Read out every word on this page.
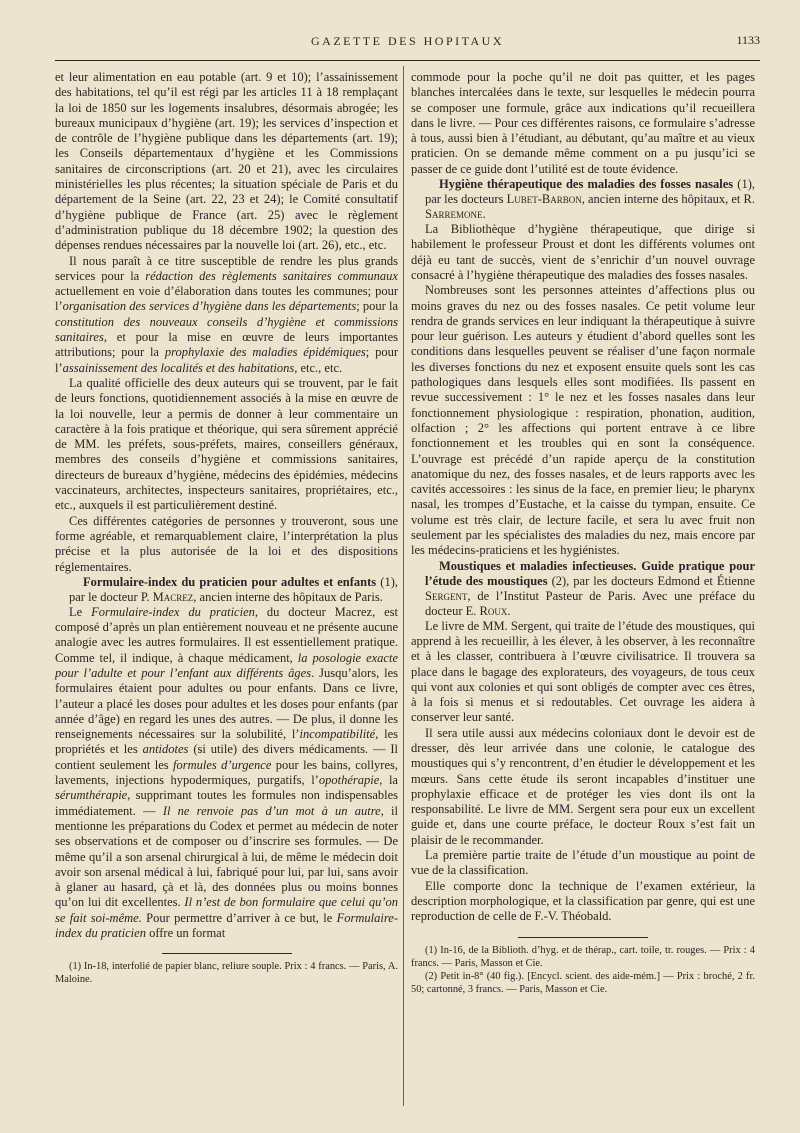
GAZETTE DES HOPITAUX	1133

et leur alimentation en eau potable (art. 9 et 10); l’assainissement des habitations, tel qu’il est régi par les articles 11 à 18 remplaçant la loi de 1850 sur les logements insalubres, désormais abrogée; les bureaux municipaux d’hygiène (art. 19); les services d’inspection et de contrôle de l’hygiène publique dans les départements (art. 19); les Conseils départementaux d’hygiène et les Commissions sanitaires de circonscriptions (art. 20 et 21), avec les circulaires ministérielles les plus récentes; la situation spéciale de Paris et du département de la Seine (art. 22, 23 et 24); le Comité consultatif d’hygiène publique de France (art. 25) avec le règlement d’administration publique du 18 décembre 1902; la question des dépenses rendues nécessaires par la nouvelle loi (art. 26), etc., etc.

Il nous paraît à ce titre susceptible de rendre les plus grands services pour la rédaction des règlements sanitaires communaux actuellement en voie d’élaboration dans toutes les communes; pour l’organisation des services d’hygiène dans les départements; pour la constitution des nouveaux conseils d’hygiène et commissions sanitaires, et pour la mise en œuvre de leurs importantes attributions; pour la prophylaxie des maladies épidémiques; pour l’assainissement des localités et des habitations, etc., etc.

La qualité officielle des deux auteurs qui se trouvent, par le fait de leurs fonctions, quotidiennement associés à la mise en œuvre de la loi nouvelle, leur a permis de donner à leur commentaire un caractère à la fois pratique et théorique, qui sera sûrement apprécié de MM. les préfets, sous-préfets, maires, conseillers généraux, membres des conseils d’hygiène et commissions sanitaires, directeurs de bureaux d’hygiène, médecins des épidémies, médecins vaccinateurs, architectes, inspecteurs sanitaires, propriétaires, etc., etc., auxquels il est particulièrement destiné.

Ces différentes catégories de personnes y trouveront, sous une forme agréable, et remarquablement claire, l’interprétation la plus précise et la plus autorisée de la loi et des dispositions réglementaires.

Formulaire-index du praticien pour adultes et enfants (1), par le docteur P. Macrez, ancien interne des hôpitaux de Paris.

Le Formulaire-index du praticien, du docteur Macrez, est composé d’après un plan entièrement nouveau et ne présente aucune analogie avec les autres formulaires. Il est essentiellement pratique. Comme tel, il indique, à chaque médicament, la posologie exacte pour l’adulte et pour l’enfant aux différents âges. Jusqu’alors, les formulaires étaient pour adultes ou pour enfants. Dans ce livre, l’auteur a placé les doses pour adultes et les doses pour enfants (par année d’âge) en regard les unes des autres. — De plus, il donne les renseignements nécessaires sur la solubilité, l’incompatibilité, les propriétés et les antidotes (si utile) des divers médicaments. — Il contient seulement les formules d’urgence pour les bains, collyres, lavements, injections hypodermiques, purgatifs, l’opothérapie, la sérumthérapie, supprimant toutes les formules non indispensables immédiatement. — Il ne renvoie pas d’un mot à un autre, il mentionne les préparations du Codex et permet au médecin de noter ses observations et de composer ou d’inscrire ses formules. — De même qu’il a son arsenal chirurgical à lui, de même le médecin doit avoir son arsenal médical à lui, fabriqué pour lui, par lui, sans avoir à glaner au hasard, çà et là, des données plus ou moins bonnes qu’on lui dit excellentes. Il n’est de bon formulaire que celui qu’on se fait soi-même. Pour permettre d’arriver à ce but, le Formulaire-index du praticien offre un format

(1) In-18, interfolié de papier blanc, reliure souple. Prix : 4 francs. — Paris, A. Maloine.

commode pour la poche qu’il ne doit pas quitter, et les pages blanches intercalées dans le texte, sur lesquelles le médecin pourra se composer une formule, grâce aux indications qu’il recueillera dans le livre. — Pour ces différentes raisons, ce formulaire s’adresse à tous, aussi bien à l’étudiant, au débutant, qu’au maître et au vieux praticien. On se demande même comment on a pu jusqu’ici se passer de ce guide dont l’utilité est de toute évidence.

Hygiène thérapeutique des maladies des fosses nasales (1), par les docteurs Lubet-Barbon, ancien interne des hôpitaux, et R. Sarremone.

La Bibliothèque d’hygiène thérapeutique, que dirige si habilement le professeur Proust et dont les différents volumes ont déjà eu tant de succès, vient de s’enrichir d’un nouvel ouvrage consacré à l’hygiène thérapeutique des maladies des fosses nasales.

Nombreuses sont les personnes atteintes d’affections plus ou moins graves du nez ou des fosses nasales. Ce petit volume leur rendra de grands services en leur indiquant la thérapeutique à suivre pour leur guérison. Les auteurs y étudient d’abord quelles sont les conditions dans lesquelles peuvent se réaliser d’une façon normale les diverses fonctions du nez et exposent ensuite quels sont les cas pathologiques dans lesquels elles sont modifiées. Ils passent en revue successivement : 1° le nez et les fosses nasales dans leur fonctionnement physiologique : respiration, phonation, audition, olfaction ; 2° les affections qui portent entrave à ce libre fonctionnement et les troubles qui en sont la conséquence. L’ouvrage est précédé d’un rapide aperçu de la constitution anatomique du nez, des fosses nasales, et de leurs rapports avec les cavités accessoires : les sinus de la face, en premier lieu; le pharynx nasal, les trompes d’Eustache, et la caisse du tympan, ensuite. Ce volume est très clair, de lecture facile, et sera lu avec fruit non seulement par les spécialistes des maladies du nez, mais encore par les médecins-praticiens et les hygiénistes.

Moustiques et maladies infectieuses. Guide pratique pour l’étude des moustiques (2), par les docteurs Edmond et Étienne Sergent, de l’Institut Pasteur de Paris. Avec une préface du docteur E. Roux.

Le livre de MM. Sergent, qui traite de l’étude des moustiques, qui apprend à les recueillir, à les élever, à les observer, à les reconnaître et à les classer, contribuera à l’œuvre civilisatrice. Il trouvera sa place dans le bagage des explorateurs, des voyageurs, de tous ceux qui vont aux colonies et qui sont obligés de compter avec ces êtres, à la fois si menus et si redoutables. Cet ouvrage les aidera à conserver leur santé.

Il sera utile aussi aux médecins coloniaux dont le devoir est de dresser, dès leur arrivée dans une colonie, le catalogue des moustiques qui s’y rencontrent, d’en étudier le développement et les mœurs. Sans cette étude ils seront incapables d’instituer une prophylaxie efficace et de protéger les vies dont ils ont la responsabilité. Le livre de MM. Sergent sera pour eux un excellent guide et, dans une courte préface, le docteur Roux s’est fait un plaisir de le recommander.

La première partie traite de l’étude d’un moustique au point de vue de la classification.

Elle comporte donc la technique de l’examen extérieur, la description morphologique, et la classification par genre, qui est une reproduction de celle de F.-V. Théobald.

(1) In-16, de la Biblioth. d’hyg. et de thérap., cart. toile, tr. rouges. — Prix : 4 francs. — Paris, Masson et Cie.

(2) Petit in-8° (40 fig.). [Encycl. scient. des aide-mém.] — Prix : broché, 2 fr. 50; cartonné, 3 francs. — Paris, Masson et Cie.
